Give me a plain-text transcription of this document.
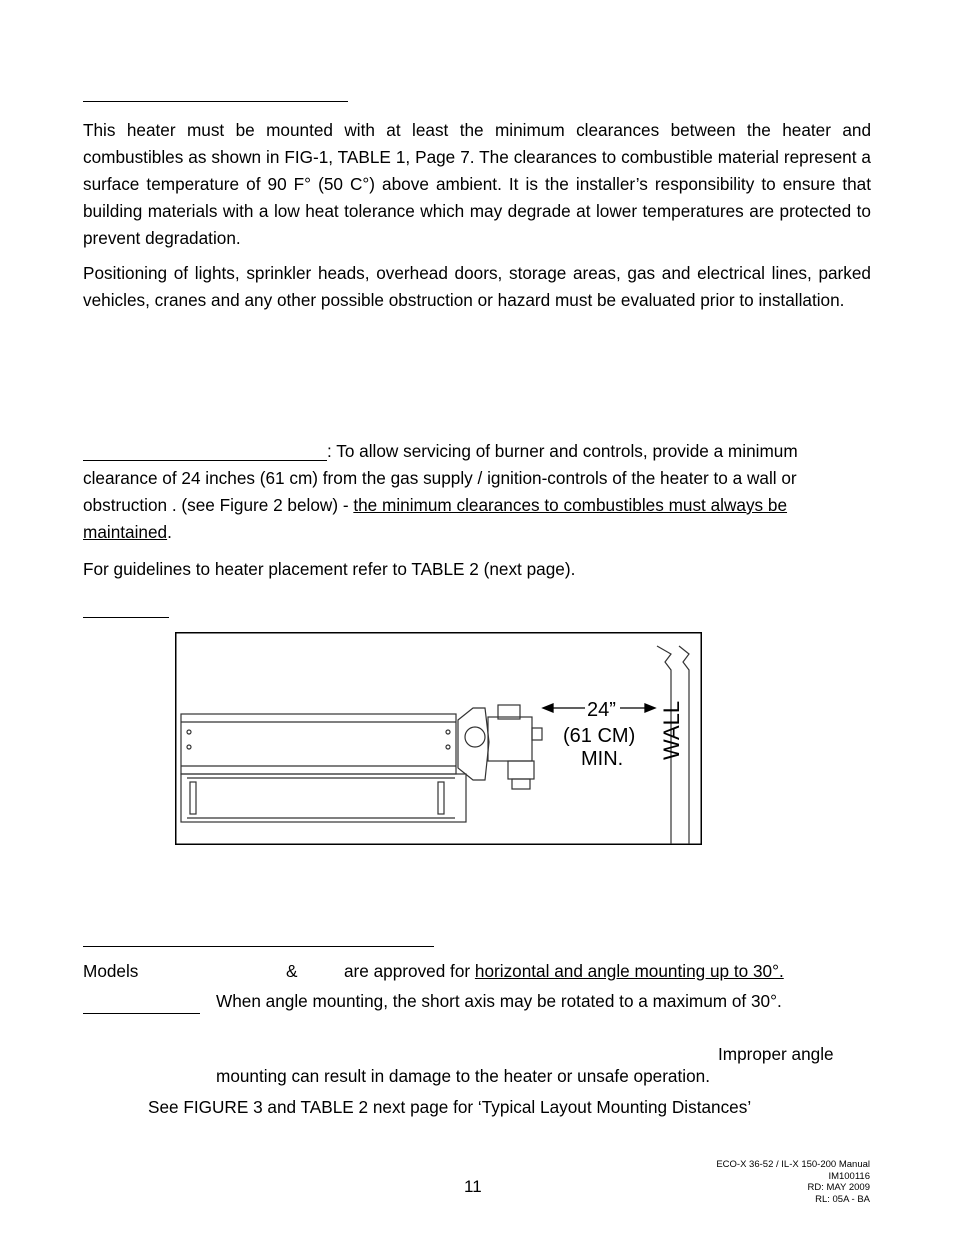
This heater must be mounted with at least the minimum clearances between the heater and combustibles as shown in FIG-1, TABLE 1, Page 7. The clearances to combustible material represent a surface temperature of 90 F° (50 C°) above ambient. It is the installer’s responsibility to ensure that building materials with a low heat tolerance which may degrade at lower temperatures are protected to prevent degradation.

Positioning of lights, sprinkler heads, overhead doors, storage areas, gas and electrical lines, parked vehicles, cranes and any other possible obstruction or hazard must be evaluated prior to installation.

: To allow servicing of burner and controls, provide a minimum
clearance of 24 inches (61 cm) from the gas supply / ignition-controls of the heater to a wall or
obstruction . (see Figure 2 below) - the minimum clearances to combustibles must always be
maintained.
For guidelines to heater placement refer to TABLE 2 (next page).
24”
(61 CM)
MIN. WALL
Models	&	are approved for horizontal and angle mounting up to 30°.
When angle mounting, the short axis may be rotated to a maximum of 30°.
Improper angle
mounting can result in damage to the heater or unsafe operation.
See FIGURE 3 and TABLE 2 next page for ‘Typical Layout Mounting Distances’
11
ECO-X 36-52 / IL-X 150-200 Manual
IM100116
RD: MAY 2009
RL: 05A - BA
